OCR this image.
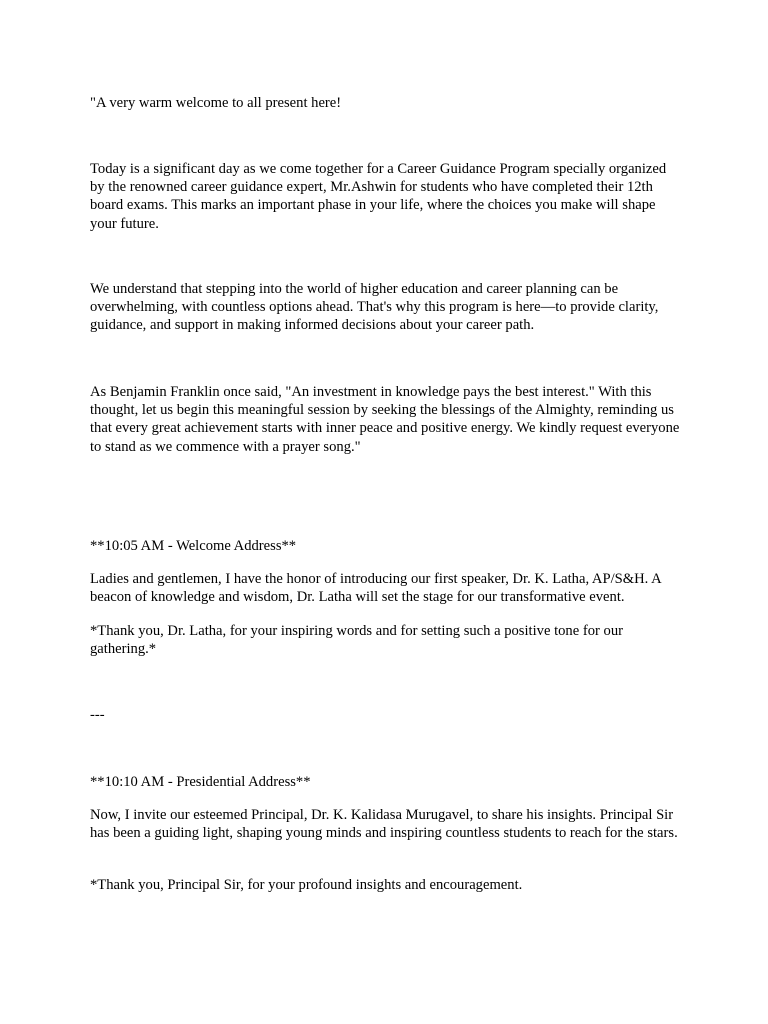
"A very warm welcome to all present here!

Today is a significant day as we come together for a Career Guidance Program specially organized by the renowned career guidance expert, Mr.Ashwin for students who have completed their 12th board exams. This marks an important phase in your life, where the choices you make will shape your future.

We understand that stepping into the world of higher education and career planning can be overwhelming, with countless options ahead. That's why this program is here—to provide clarity, guidance, and support in making informed decisions about your career path.

As Benjamin Franklin once said, "An investment in knowledge pays the best interest." With this thought, let us begin this meaningful session by seeking the blessings of the Almighty, reminding us that every great achievement starts with inner peace and positive energy. We kindly request everyone to stand as we commence with a prayer song."

**10:05 AM - Welcome Address**

Ladies and gentlemen, I have the honor of introducing our first speaker, Dr. K. Latha, AP/S&H. A beacon of knowledge and wisdom, Dr. Latha will set the stage for our transformative event.

*Thank you, Dr. Latha, for your inspiring words and for setting such a positive tone for our gathering.*

---

**10:10 AM - Presidential Address**

Now, I invite our esteemed Principal, Dr. K. Kalidasa Murugavel, to share his insights. Principal Sir has been a guiding light, shaping young minds and inspiring countless students to reach for the stars.

*Thank you, Principal Sir, for your profound insights and encouragement.
